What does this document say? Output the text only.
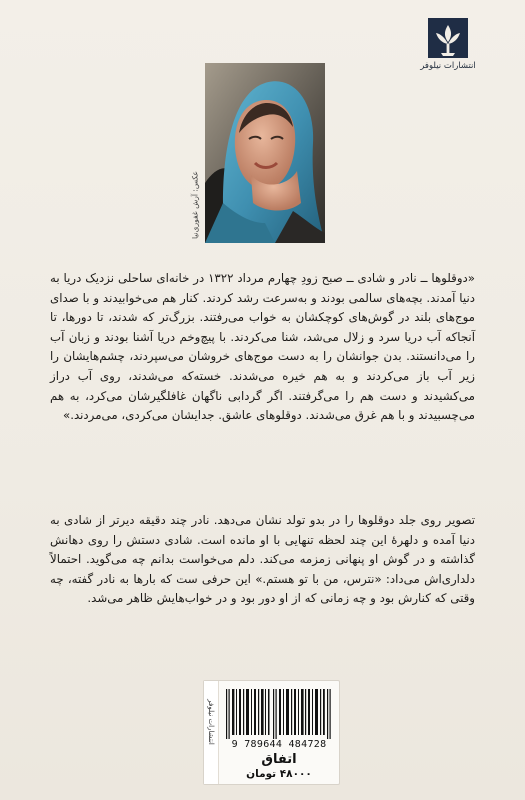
انتشارات نیلوفر
عکس: آرش غفوری‌نیا

«دوقلوها ــ نادر و شادی ــ صبح زودِ چهارم مرداد ۱۳۲۲ در خانه‌ای ساحلی نزدیک دریا به دنیا آمدند. بچه‌های سالمی بودند و به‌سرعت رشد کردند. کنار هم می‌خوابیدند و با صدای موج‌های بلند در گوش‌های کوچکشان به خواب می‌رفتند. بزرگ‌تر که شدند، تا دورها، تا آنجاکه آب دریا سرد و زلال می‌شد، شنا می‌کردند. با پیچ‌وخم دریا آشنا بودند و زبان آب را می‌دانستند. بدن جوانشان را به دست موج‌های خروشان می‌سپردند، چشم‌هایشان را زیر آب باز می‌کردند و به هم خیره می‌شدند. خسته‌که می‌شدند، روی آب دراز می‌کشیدند و دست هم را می‌گرفتند. اگر گردابی ناگهان غافلگیرشان می‌کرد، به هم می‌چسبیدند و با هم غرق می‌شدند. دوقلوهای عاشق. جدایشان می‌کردی، می‌مردند.»

تصویر روی جلد دوقلوها را در بدو تولد نشان می‌دهد. نادر چند دقیقه دیرتر از شادی به دنیا آمده و دلهرهٔ این چند لحظه تنهایی با او مانده است. شادی دستش را روی دهانش گذاشته و در گوش او پنهانی زمزمه می‌کند. دلم می‌خواست بدانم چه می‌گوید. احتمالاً دلداری‌اش می‌داد: «نترس، من با تو هستم.» این حرفی ست که بارها به نادر گفته، چه وقتی که کنارش بود و چه زمانی که از او دور بود و در خواب‌هایش ظاهر می‌شد.

انتشارات نیلوفر	9 789644 484728
اتفاق
۴۸۰۰۰ تومان
